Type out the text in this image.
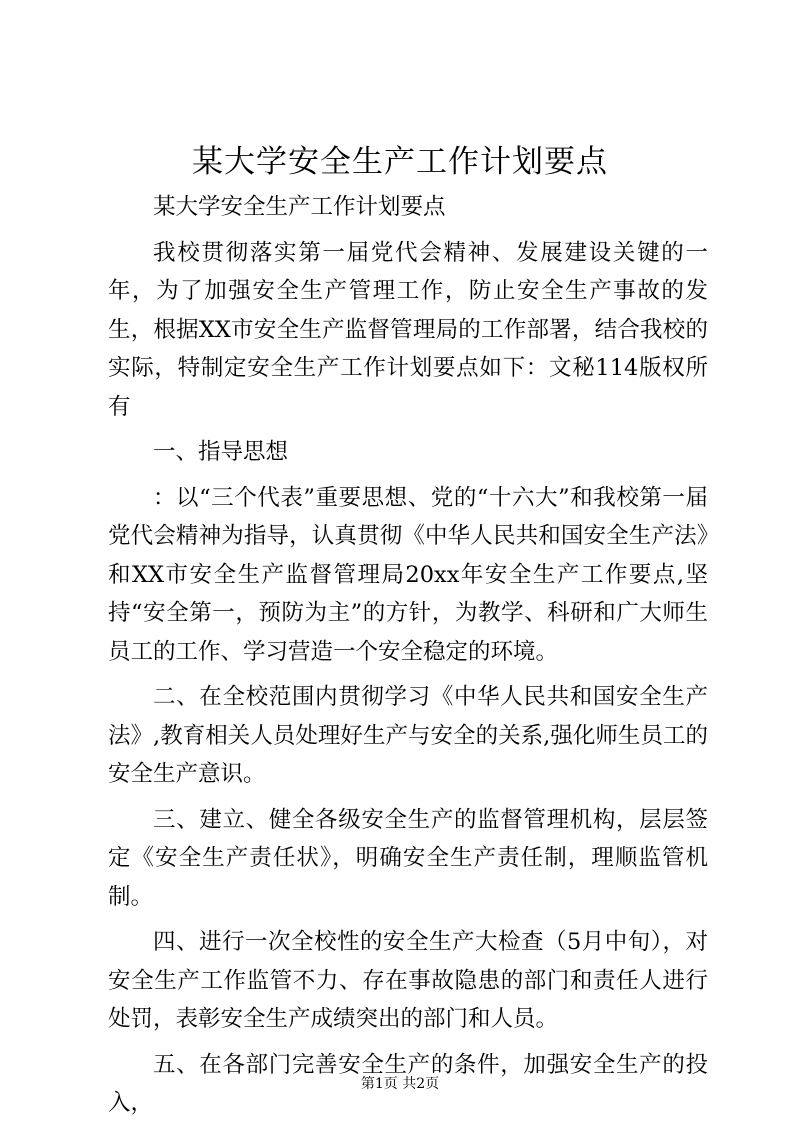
某大学安全生产工作计划要点

某大学安全生产工作计划要点

我校贯彻落实第一届党代会精神、发展建设关键的一年，为了加强安全生产管理工作，防止安全生产事故的发生，根据XX市安全生产监督管理局的工作部署，结合我校的实际，特制定安全生产工作计划要点如下：文秘114版权所有

一、指导思想

：以“三个代表”重要思想、党的“十六大”和我校第一届党代会精神为指导，认真贯彻《中华人民共和国安全生产法》和XX市安全生产监督管理局20xx年安全生产工作要点,坚持“安全第一，预防为主”的方针，为教学、科研和广大师生员工的工作、学习营造一个安全稳定的环境。

二、在全校范围内贯彻学习《中华人民共和国安全生产法》,教育相关人员处理好生产与安全的关系,强化师生员工的安全生产意识。

三、建立、健全各级安全生产的监督管理机构，层层签定《安全生产责任状》，明确安全生产责任制，理顺监管机制。

四、进行一次全校性的安全生产大检查（5月中旬），对安全生产工作监管不力、存在事故隐患的部门和责任人进行处罚，表彰安全生产成绩突出的部门和人员。

五、在各部门完善安全生产的条件，加强安全生产的投入，

第1页 共2页
